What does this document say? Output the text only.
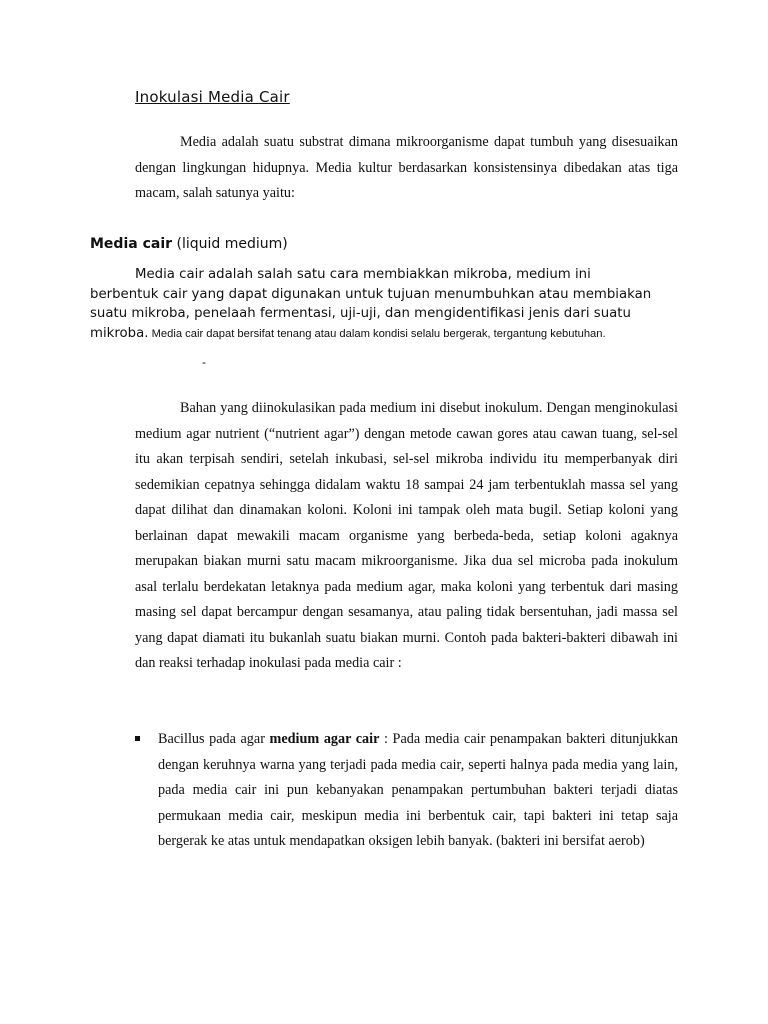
Inokulasi Media Cair

Media adalah suatu substrat dimana mikroorganisme dapat tumbuh yang disesuaikan dengan lingkungan hidupnya. Media kultur berdasarkan konsistensinya dibedakan atas tiga macam, salah satunya yaitu:

Media cair (liquid medium)
Media cair adalah salah satu cara membiakkan mikroba, medium ini
berbentuk cair yang dapat digunakan untuk tujuan menumbuhkan atau membiakan suatu mikroba, penelaah fermentasi, uji-uji, dan mengidentifikasi jenis dari suatu mikroba. Media cair dapat bersifat tenang atau dalam kondisi selalu bergerak, tergantung kebutuhan.
-

Bahan yang diinokulasikan pada medium ini disebut inokulum. Dengan menginokulasi medium agar nutrient (“nutrient agar”) dengan metode cawan gores atau cawan tuang, sel-sel itu akan terpisah sendiri, setelah inkubasi, sel-sel mikroba individu itu memperbanyak diri sedemikian cepatnya sehingga didalam waktu 18 sampai 24 jam terbentuklah massa sel yang dapat dilihat dan dinamakan koloni. Koloni ini tampak oleh mata bugil. Setiap koloni yang berlainan dapat mewakili macam organisme yang berbeda-beda, setiap koloni agaknya merupakan biakan murni satu macam mikroorganisme. Jika dua sel microba pada inokulum asal terlalu berdekatan letaknya pada medium agar, maka koloni yang terbentuk dari masing masing sel dapat bercampur dengan sesamanya, atau paling tidak bersentuhan, jadi massa sel yang dapat diamati itu bukanlah suatu biakan murni. Contoh pada bakteri-bakteri dibawah ini dan reaksi terhadap inokulasi pada media cair :

Bacillus pada agar medium agar cair : Pada media cair penampakan bakteri ditunjukkan dengan keruhnya warna yang terjadi pada media cair, seperti halnya pada media yang lain, pada media cair ini pun kebanyakan penampakan pertumbuhan bakteri terjadi diatas permukaan media cair, meskipun media ini berbentuk cair, tapi bakteri ini tetap saja bergerak ke atas untuk mendapatkan oksigen lebih banyak. (bakteri ini bersifat aerob)
